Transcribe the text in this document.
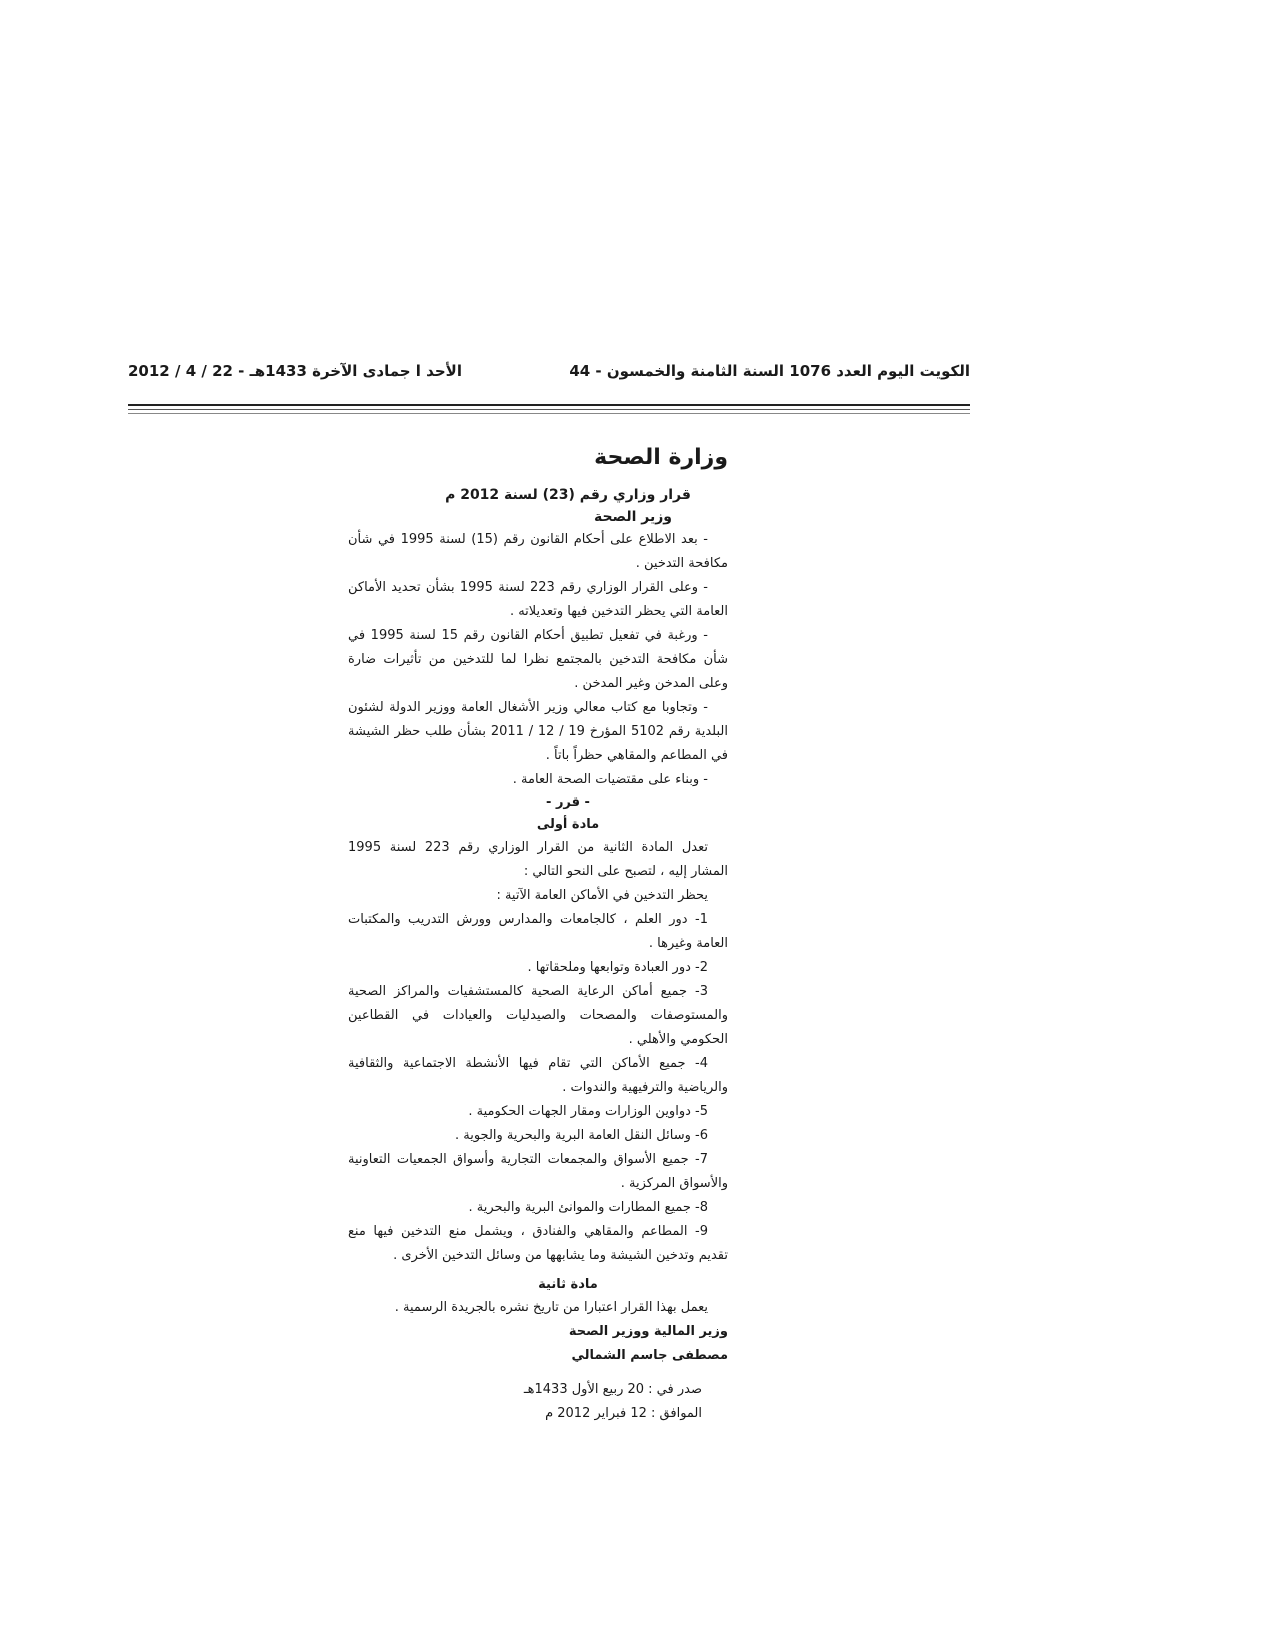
الكويت اليوم العدد 1076 السنة الثامنة والخمسون - 44
الأحد ا جمادى الآخرة 1433هـ - 22 / 4 / 2012
وزارة الصحة
قرار وزاري رقم (23) لسنة 2012 م
وزير الصحة

- بعد الاطلاع على أحكام القانون رقم (15) لسنة 1995 في شأن مكافحة التدخين .

- وعلى القرار الوزاري رقم 223 لسنة 1995 بشأن تحديد الأماكن العامة التي يحظر التدخين فيها وتعديلاته .

- ورغبة في تفعيل تطبيق أحكام القانون رقم 15 لسنة 1995 في شأن مكافحة التدخين بالمجتمع نظرا لما للتدخين من تأثيرات ضارة وعلى المدخن وغير المدخن .

- وتجاوبا مع كتاب معالي وزير الأشغال العامة ووزير الدولة لشئون البلدية رقم 5102 المؤرخ 19 / 12 / 2011 بشأن طلب حظر الشيشة في المطاعم والمقاهي حظراً باتاً .

- وبناء على مقتضيات الصحة العامة .

- قرر -
مادة أولى

تعدل المادة الثانية من القرار الوزاري رقم 223 لسنة 1995 المشار إليه ، لتصبح على النحو التالي :

يحظر التدخين في الأماكن العامة الآتية :

1- دور العلم ، كالجامعات والمدارس وورش التدريب والمكتبات العامة وغيرها .

2- دور العبادة وتوابعها وملحقاتها .

3- جميع أماكن الرعاية الصحية كالمستشفيات والمراكز الصحية والمستوصفات والمصحات والصيدليات والعيادات في القطاعين الحكومي والأهلي .

4- جميع الأماكن التي تقام فيها الأنشطة الاجتماعية والثقافية والرياضية والترفيهية والندوات .

5- دواوين الوزارات ومقار الجهات الحكومية .

6- وسائل النقل العامة البرية والبحرية والجوية .

7- جميع الأسواق والمجمعات التجارية وأسواق الجمعيات التعاونية والأسواق المركزية .

8- جميع المطارات والموانئ البرية والبحرية .

9- المطاعم والمقاهي والفنادق ، ويشمل منع التدخين فيها منع تقديم وتدخين الشيشة وما يشابهها من وسائل التدخين الأخرى .

مادة ثانية

يعمل بهذا القرار اعتبارا من تاريخ نشره بالجريدة الرسمية .

وزير المالية ووزير الصحة

مصطفى جاسم الشمالي

صدر في : 20 ربيع الأول 1433هـ

الموافق : 12 فبراير 2012 م
